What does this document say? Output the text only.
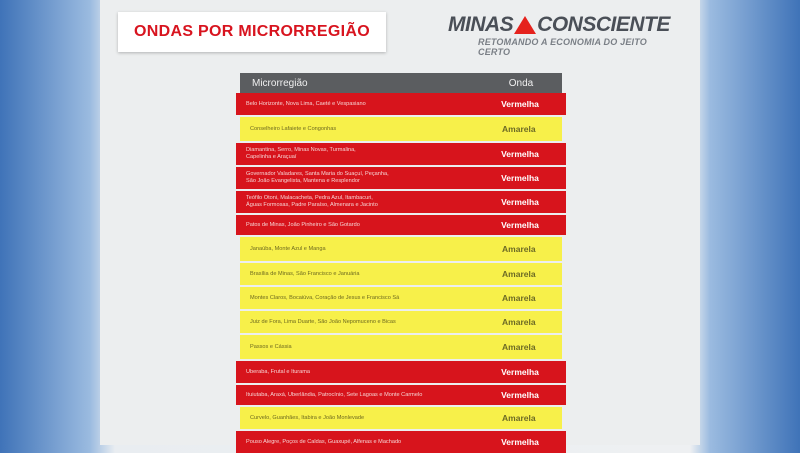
ONDAS POR MICRORREGIÃO	MINAS CONSCIENTE
RETOMANDO A ECONOMIA DO JEITO CERTO
Microrregião	Onda
Belo Horizonte, Nova Lima, Caeté e Vespasiano	Vermelha
Conselheiro Lafaiete e Congonhas	Amarela
Diamantina, Serro, Minas Novas, Turmalina,
Capelinha e Araçuaí	Vermelha
Governador Valadares, Santa Maria do Suaçuí, Peçanha,
São João Evangelista, Mantena e Resplendor	Vermelha
Teófilo Otoni, Malacacheta, Pedra Azul, Itambacuri,
Águas Formosas, Padre Paraíso, Almenara e Jacinto	Vermelha
Patos de Minas, João Pinheiro e São Gotardo	Vermelha
Janaúba, Monte Azul e Manga	Amarela
Brasília de Minas, São Francisco e Januária	Amarela
Montes Claros, Bocaiúva, Coração de Jesus e Francisco Sá	Amarela
Juiz de Fora, Lima Duarte, São João Nepomuceno e Bicas	Amarela
Passos e Cássia	Amarela
Uberaba, Frutal e Iturama	Vermelha
Ituiutaba, Araxá, Uberlândia, Patrocínio, Sete Lagoas e Monte Carmelo	Vermelha
Curvelo, Guanhães, Itabira e João Monlevade	Amarela
Pouso Alegre, Poços de Caldas, Guaxupé, Alfenas e Machado	Vermelha
